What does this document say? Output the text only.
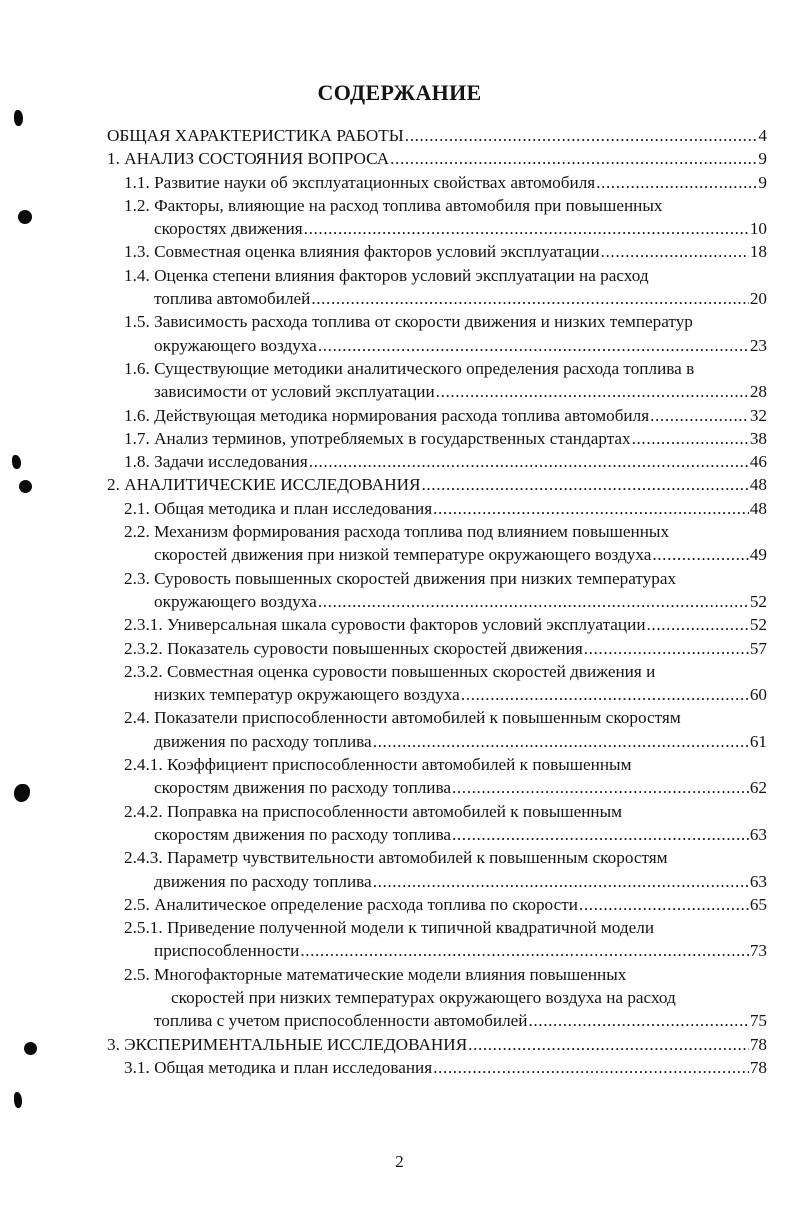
СОДЕРЖАНИЕ
ОБЩАЯ ХАРАКТЕРИСТИКА РАБОТЫ .....	4
1. АНАЛИЗ СОСТОЯНИЯ ВОПРОСА .....	9
1.1. Развитие науки об эксплуатационных свойствах автомобиля .....	9
1.2. Факторы, влияющие на расход топлива автомобиля при повышенных
скоростях движения .....	10
1.3. Совместная оценка влияния факторов условий эксплуатации .....	18
1.4. Оценка степени влияния факторов условий эксплуатации на расход
топлива автомобилей .....	20
1.5. Зависимость расхода топлива от скорости движения и низких температур
окружающего воздуха .....	23
1.6. Существующие методики аналитического определения расхода топлива в
зависимости от условий эксплуатации .....	28
1.6. Действующая методика нормирования расхода топлива автомобиля .....	32
1.7. Анализ терминов, употребляемых в государственных стандартах .....	38
1.8. Задачи исследования .....	46
2. АНАЛИТИЧЕСКИЕ ИССЛЕДОВАНИЯ .....	48
2.1. Общая методика и план исследования .....	48
2.2. Механизм формирования расхода топлива под влиянием повышенных
скоростей движения при низкой температуре окружающего воздуха .....	49
2.3. Суровость повышенных скоростей движения при низких температурах
окружающего воздуха .....	52
2.3.1. Универсальная шкала суровости факторов условий эксплуатации .....	52
2.3.2. Показатель суровости повышенных скоростей движения .....	57
2.3.2. Совместная оценка суровости повышенных скоростей движения и
низких температур окружающего воздуха .....	60
2.4. Показатели приспособленности автомобилей к повышенным скоростям
движения по расходу топлива .....	61
2.4.1. Коэффициент приспособленности автомобилей к повышенным
скоростям движения по расходу топлива .....	62
2.4.2. Поправка на приспособленности автомобилей к повышенным
скоростям движения по расходу топлива .....	63
2.4.3. Параметр чувствительности автомобилей к повышенным скоростям
движения по расходу топлива .....	63
2.5. Аналитическое определение расхода топлива по скорости .....	65
2.5.1. Приведение полученной модели к типичной квадратичной модели
приспособленности .....	73
2.5. Многофакторные математические модели влияния повышенных
скоростей при низких температурах окружающего воздуха на расход
топлива с учетом приспособленности автомобилей .....	75
3. ЭКСПЕРИМЕНТАЛЬНЫЕ ИССЛЕДОВАНИЯ .....	78
3.1. Общая методика и план исследования .....	78
2
